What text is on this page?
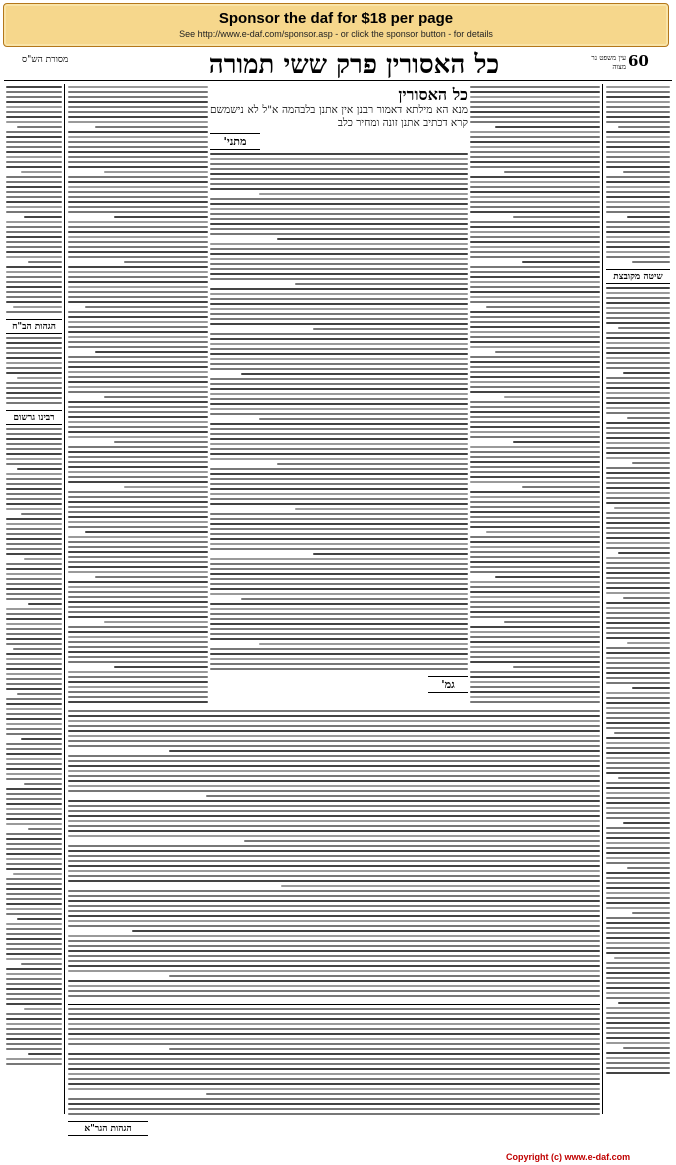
Sponsor the daf for $18 per page
See http://www.e-daf.com/sponsor.asp - or click the sponsor button - for details
מסורת הש"ס	כל האסורין פרק ששי תמורה	עין משפט נר מצוה 60
הגהות הב"ח
רבינו גרשום
כל האסורין
מנא הא מילתא דאמור רבנן אין אתנן בלבהמה א"ל לא נישמשם קרא דכתיב אתנן זונה ומחיר כלב
מתני'
גמ'
שיטה מקובצת
הגהות הגר"א
Copyright (c) www.e-daf.com
